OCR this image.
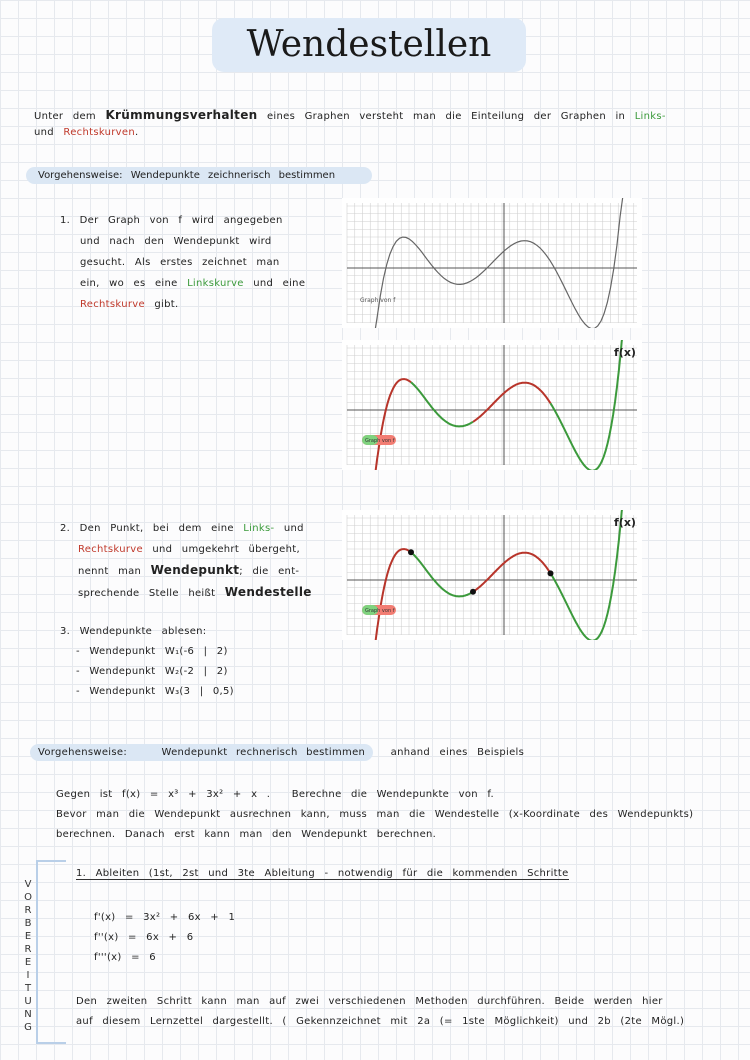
Wendestellen
Unter dem Krümmungsverhalten eines Graphen versteht man die Einteilung der Graphen in Links-
und Rechtskurven.
Vorgehensweise: Wendepunkte zeichnerisch bestimmen
1. Der Graph von f wird angegeben
und nach den Wendepunkt wird
gesucht. Als erstes zeichnet man
ein, wo es eine Linkskurve und eine
Rechtskurve gibt.	Graph von f
Graph von f
f(x)
2. Den Punkt, bei dem eine Links- und
Rechtskurve und umgekehrt übergeht,
nennt man Wendepunkt; die ent-
sprechende Stelle heißt Wendestelle
Graph von f
f(x)
3. Wendepunkte ablesen:
- Wendepunkt W₁(-6 | 2)
- Wendepunkt W₂(-2 | 2)
- Wendepunkt W₃(3 | 0,5)
Vorgehensweise:	Wendepunkt rechnerisch bestimmen	anhand eines Beispiels
Gegen ist f(x) = x³ + 3x² + x . Berechne die Wendepunkte von f.
Bevor man die Wendepunkt ausrechnen kann, muss man die Wendestelle (x-Koordinate des Wendepunkts)
berechnen. Danach erst kann man den Wendepunkt berechnen.
V
O
R
B
E
R
E
I
T
U
N
G
1. Ableiten (1st, 2st und 3te Ableitung - notwendig für die kommenden Schritte
f'(x) = 3x² + 6x + 1
f''(x) = 6x + 6
f'''(x) = 6
Den zweiten Schritt kann man auf zwei verschiedenen Methoden durchführen. Beide werden hier
auf diesem Lernzettel dargestellt. ( Gekennzeichnet mit 2a (= 1ste Möglichkeit) und 2b (2te Mögl.)
